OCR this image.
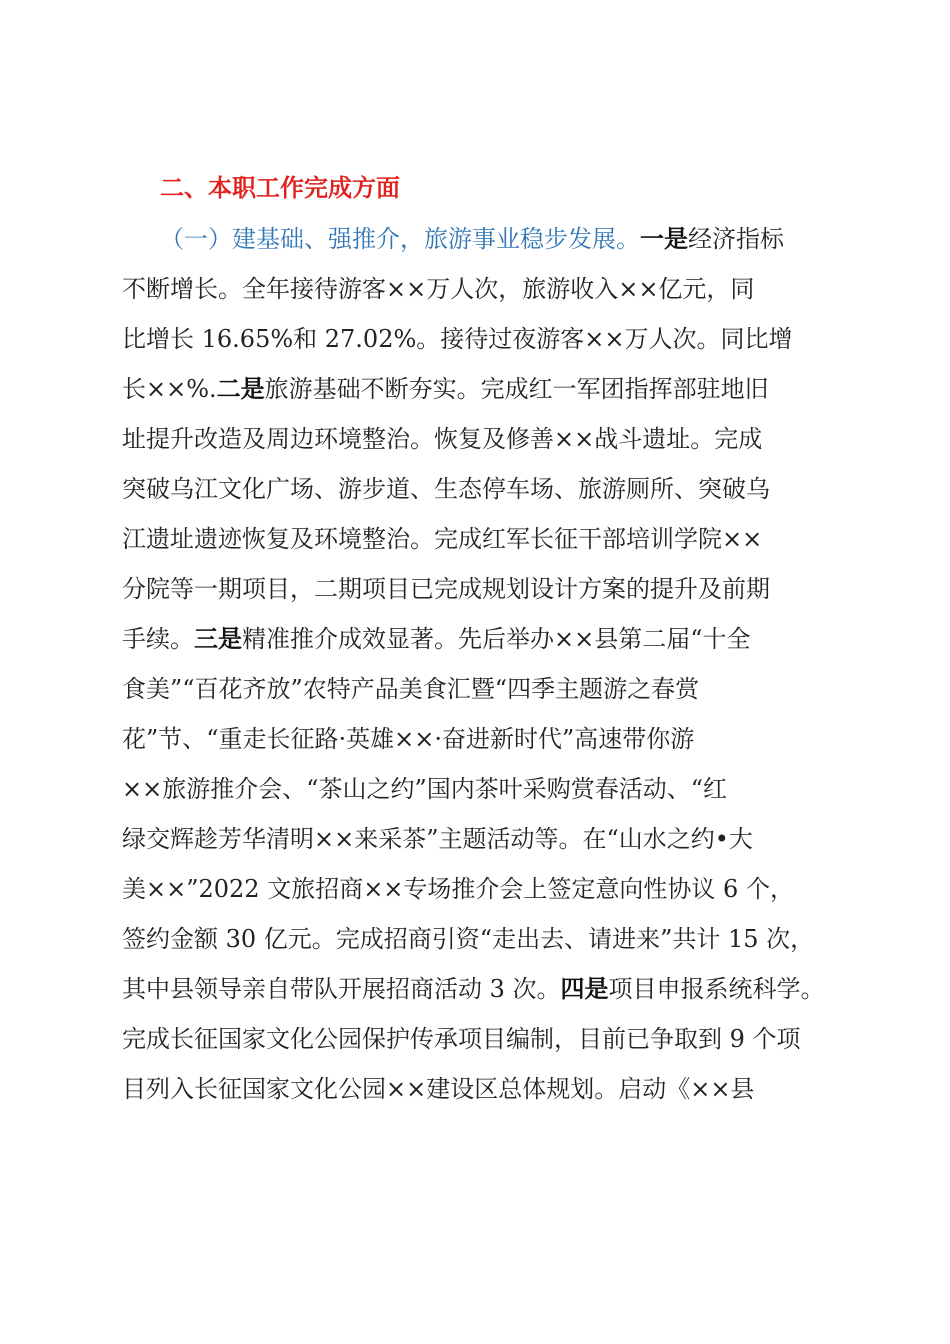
二、本职工作完成方面
（一）建基础、强推介，旅游事业稳步发展。一是经济指标
不断增长。全年接待游客××万人次，旅游收入××亿元，同
比增长 16.65%和 27.02%。接待过夜游客××万人次。同比增
长××%.二是旅游基础不断夯实。完成红一军团指挥部驻地旧
址提升改造及周边环境整治。恢复及修善××战斗遗址。完成
突破乌江文化广场、游步道、生态停车场、旅游厕所、突破乌
江遗址遗迹恢复及环境整治。完成红军长征干部培训学院××
分院等一期项目，二期项目已完成规划设计方案的提升及前期
手续。三是精准推介成效显著。先后举办××县第二届“十全
食美”“百花齐放”农特产品美食汇暨“四季主题游之春赏
花”节、“重走长征路·英雄××·奋进新时代”高速带你游
××旅游推介会、“茶山之约”国内茶叶采购赏春活动、“红
绿交辉趁芳华清明××来采茶”主题活动等。在“山水之约•大
美××”2022 文旅招商××专场推介会上签定意向性协议 6 个，
签约金额 30 亿元。完成招商引资“走出去、请进来”共计 15 次，
其中县领导亲自带队开展招商活动 3 次。四是项目申报系统科学。
完成长征国家文化公园保护传承项目编制，目前已争取到 9 个项
目列入长征国家文化公园××建设区总体规划。启动《××县
